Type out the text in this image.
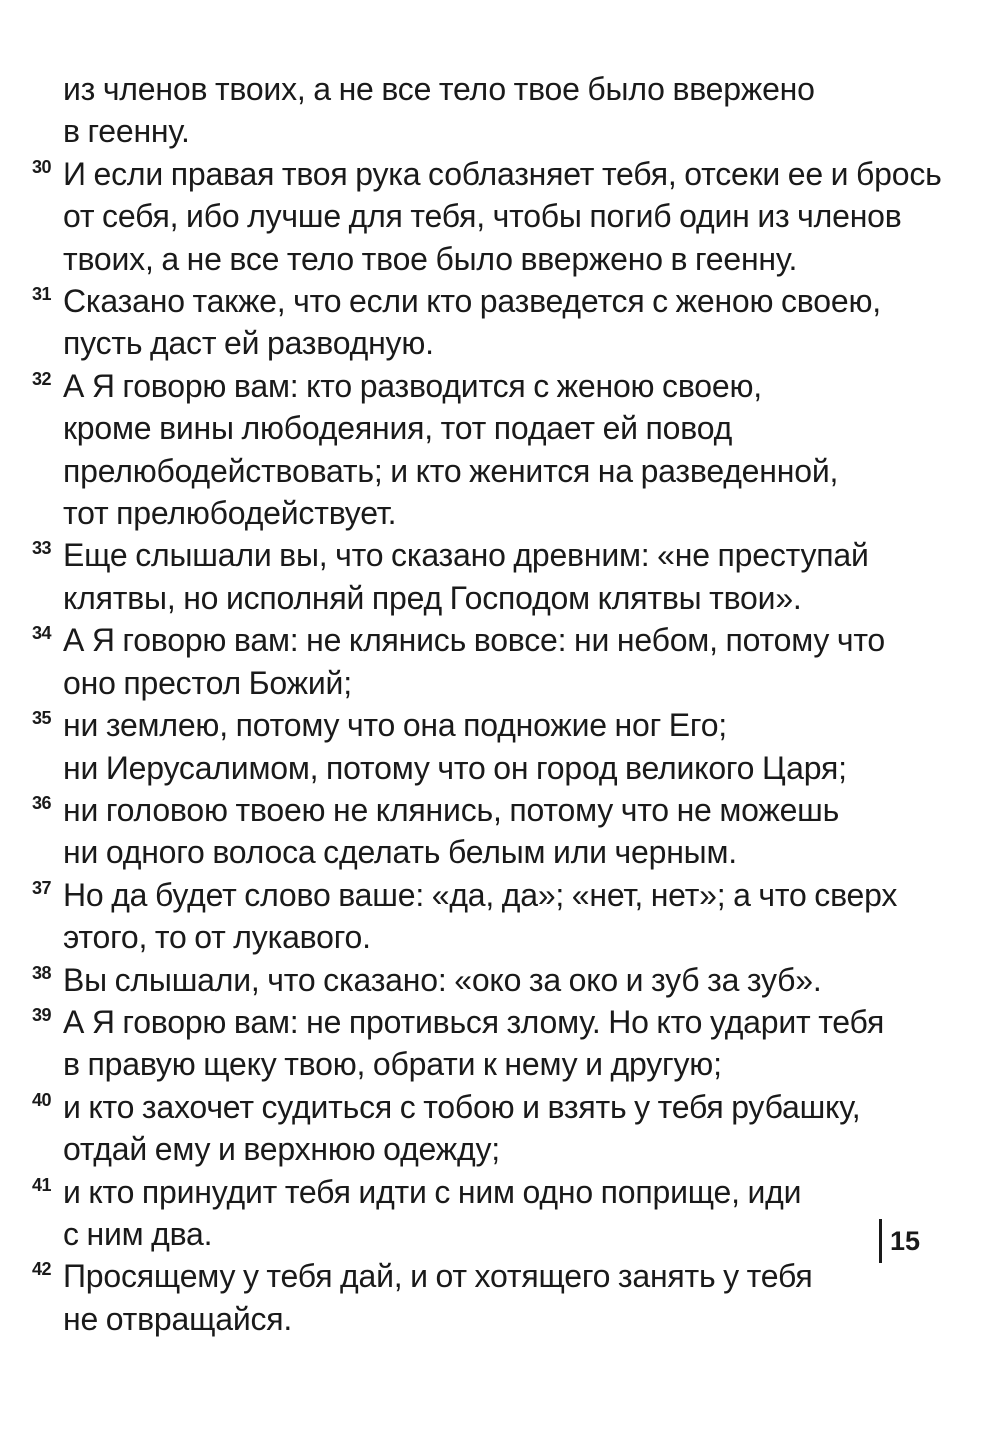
из членов твоих, а не все тело твое было ввержено
в геенну.
30 И если правая твоя рука соблазняет тебя, отсеки ее и брось
от себя, ибо лучше для тебя, чтобы погиб один из членов
твоих, а не все тело твое было ввержено в геенну.
31 Сказано также, что если кто разведется с женою своею,
пусть даст ей разводную.
32 А Я говорю вам: кто разводится с женою своею,
кроме вины любодеяния, тот подает ей повод
прелюбодействовать; и кто женится на разведенной,
тот прелюбодействует.
33 Еще слышали вы, что сказано древним: «не преступай
клятвы, но исполняй пред Господом клятвы твои».
34 А Я говорю вам: не клянись вовсе: ни небом, потому что
оно престол Божий;
35 ни землею, потому что она подножие ног Его;
ни Иерусалимом, потому что он город великого Царя;
36 ни головою твоею не клянись, потому что не можешь
ни одного волоса сделать белым или черным.
37 Но да будет слово ваше: «да, да»; «нет, нет»; а что сверх
этого, то от лукавого.
38 Вы слышали, что сказано: «око за око и зуб за зуб».
39 А Я говорю вам: не противься злому. Но кто ударит тебя
в правую щеку твою, обрати к нему и другую;
40 и кто захочет судиться с тобою и взять у тебя рубашку,
отдай ему и верхнюю одежду;
41 и кто принудит тебя идти с ним одно поприще, иди
с ним два.
42 Просящему у тебя дай, и от хотящего занять у тебя
не отвращайся.
15
